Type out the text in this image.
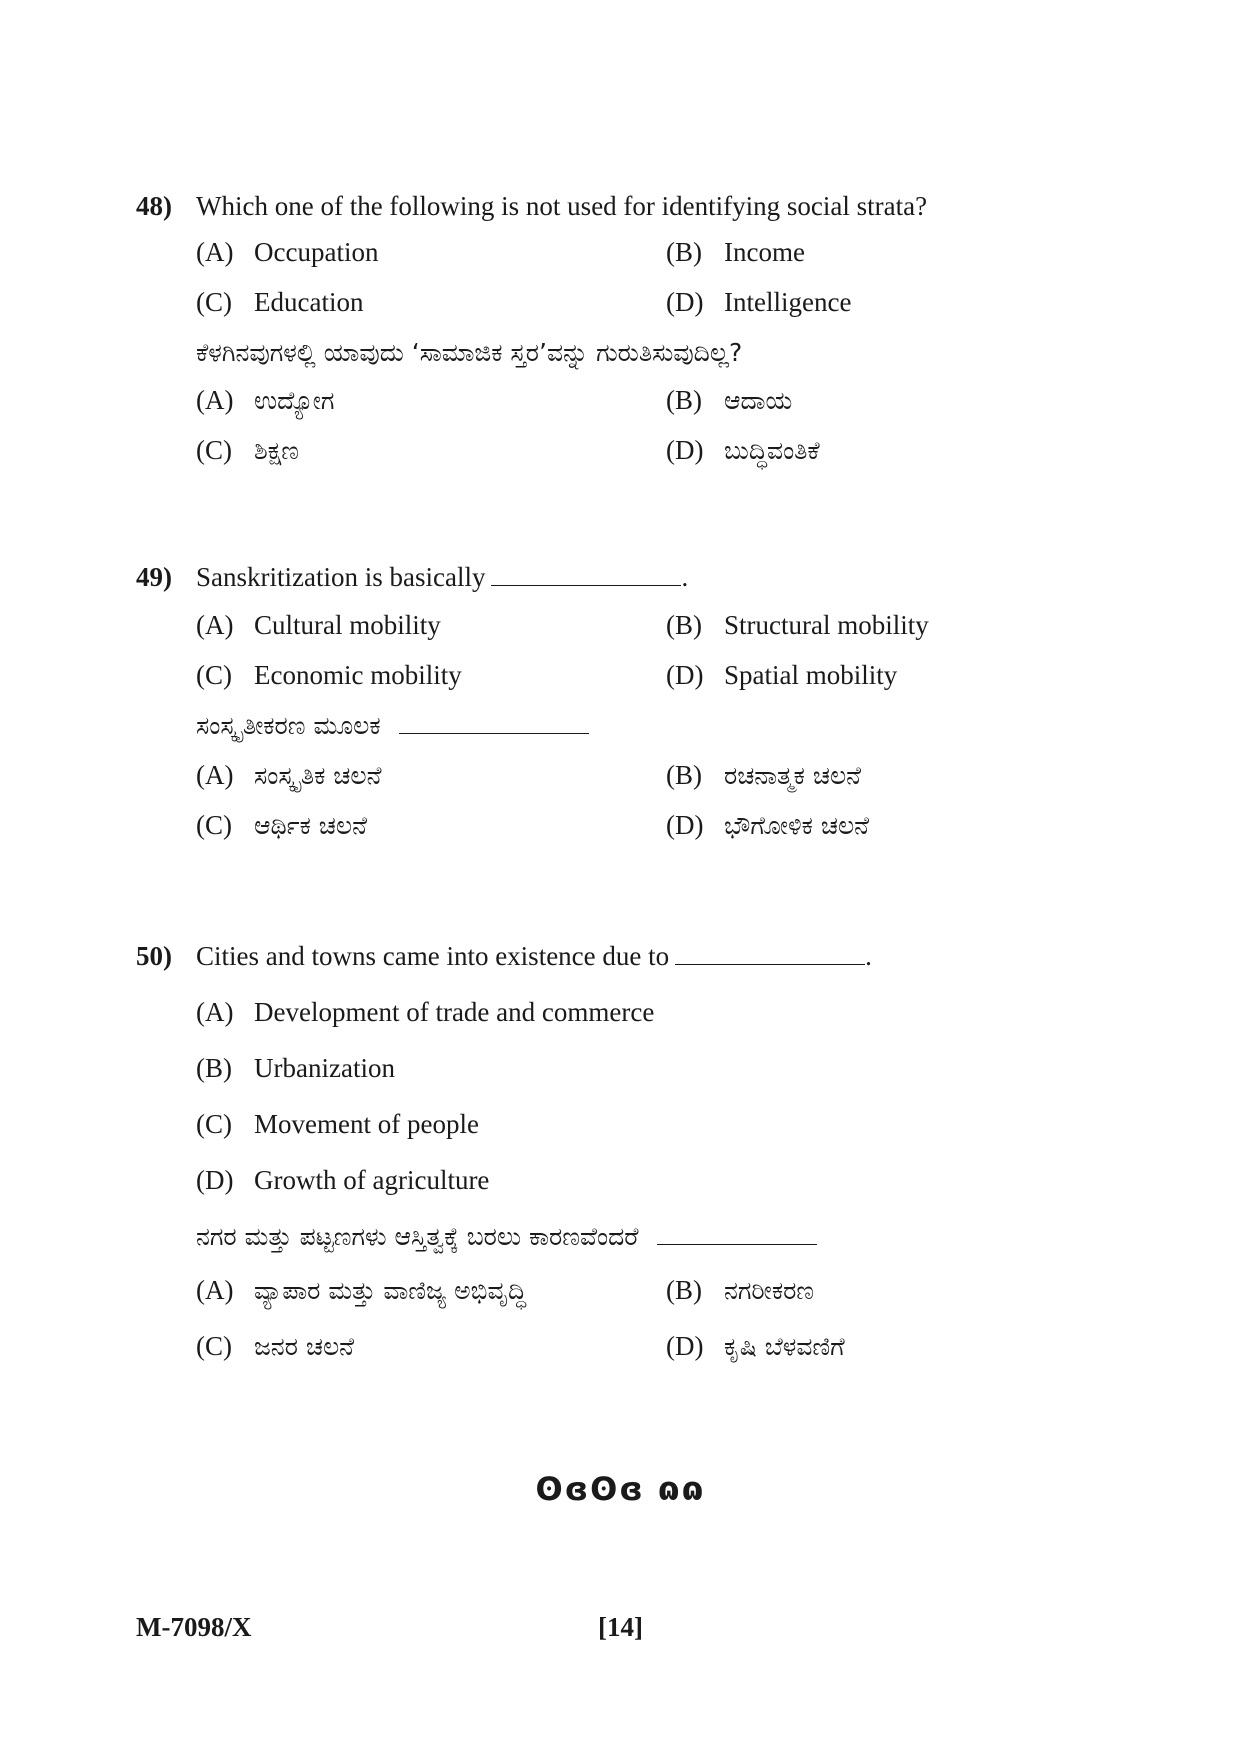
48) Which one of the following is not used for identifying social strata?
(A) Occupation	(B) Income
(C) Education	(D) Intelligence
ಕೆಳಗಿನವುಗಳಲ್ಲಿ ಯಾವುದು ‘ಸಾಮಾಜಿಕ ಸ್ತರ’ವನ್ನು ಗುರುತಿಸುವುದಿಲ್ಲ?
(A) ಉದ್ಯೋಗ	(B) ಆದಾಯ
(C) ಶಿಕ್ಷಣ	(D) ಬುದ್ಧಿವಂತಿಕೆ
49) Sanskritization is basically	.
(A) Cultural mobility	(B) Structural mobility
(C) Economic mobility	(D) Spatial mobility
ಸಂಸ್ಕೃತೀಕರಣ ಮೂಲಕ
(A) ಸಂಸ್ಕೃತಿಕ ಚಲನೆ	(B) ರಚನಾತ್ಮಕ ಚಲನೆ
(C) ಆರ್ಥಿಕ ಚಲನೆ	(D) ಭೌಗೋಳಿಕ ಚಲನೆ
50) Cities and towns came into existence due to	.
(A) Development of trade and commerce
(B) Urbanization
(C) Movement of people
(D) Growth of agriculture
ನಗರ ಮತ್ತು ಪಟ್ಟಣಗಳು ಆಸ್ತಿತ್ವಕ್ಕೆ ಬರಲು ಕಾರಣವೆಂದರೆ
(A) ವ್ಯಾಪಾರ ಮತ್ತು ವಾಣಿಜ್ಯ ಅಭಿವೃದ್ಧಿ	(B) ನಗರೀಕರಣ
(C) ಜನರ ಚಲನೆ	(D) ಕೃಷಿ ಬೆಳವಣಿಗೆ
ʘɞʘɞ ɷɷ
M-7098/X	[14]
